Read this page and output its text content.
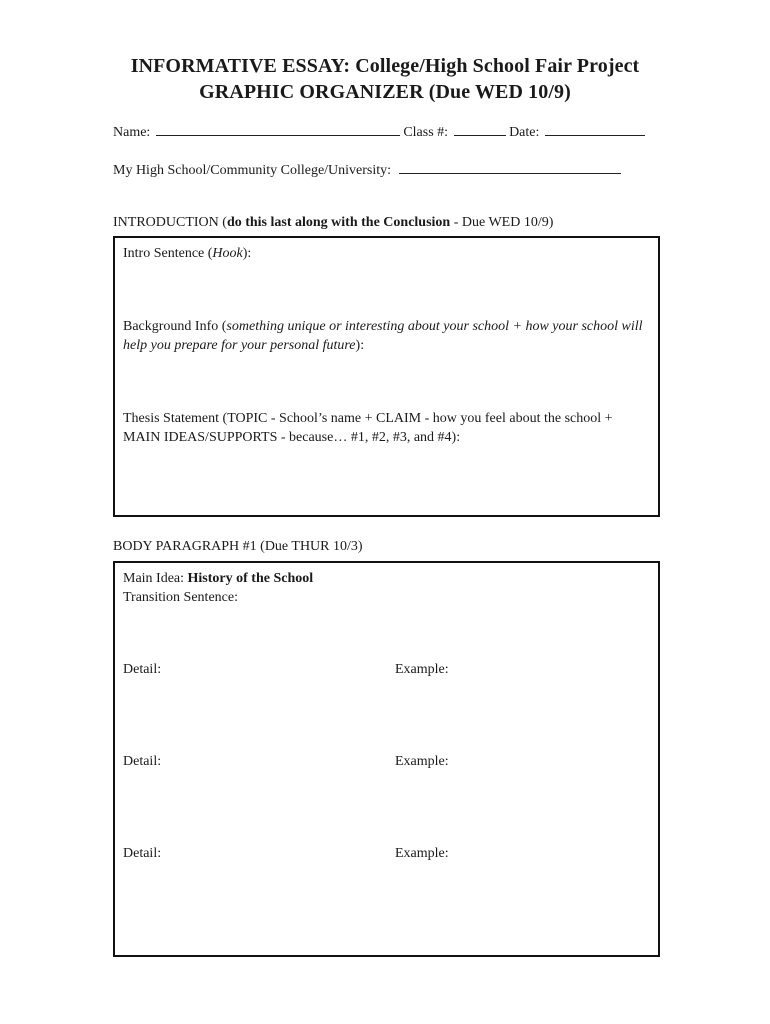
INFORMATIVE ESSAY: College/High School Fair Project
GRAPHIC ORGANIZER (Due WED 10/9)
Name:	Class #:	Date:
My High School/Community College/University:
INTRODUCTION (do this last along with the Conclusion - Due WED 10/9)
Intro Sentence (Hook):
Background Info (something unique or interesting about your school + how your school will help you prepare for your personal future):
Thesis Statement (TOPIC - School’s name + CLAIM - how you feel about the school + MAIN IDEAS/SUPPORTS - because… #1, #2, #3, and #4):
BODY PARAGRAPH #1 (Due THUR 10/3)
Main Idea: History of the School
Transition Sentence:
Detail:	Example:
Detail:	Example:
Detail:	Example:
